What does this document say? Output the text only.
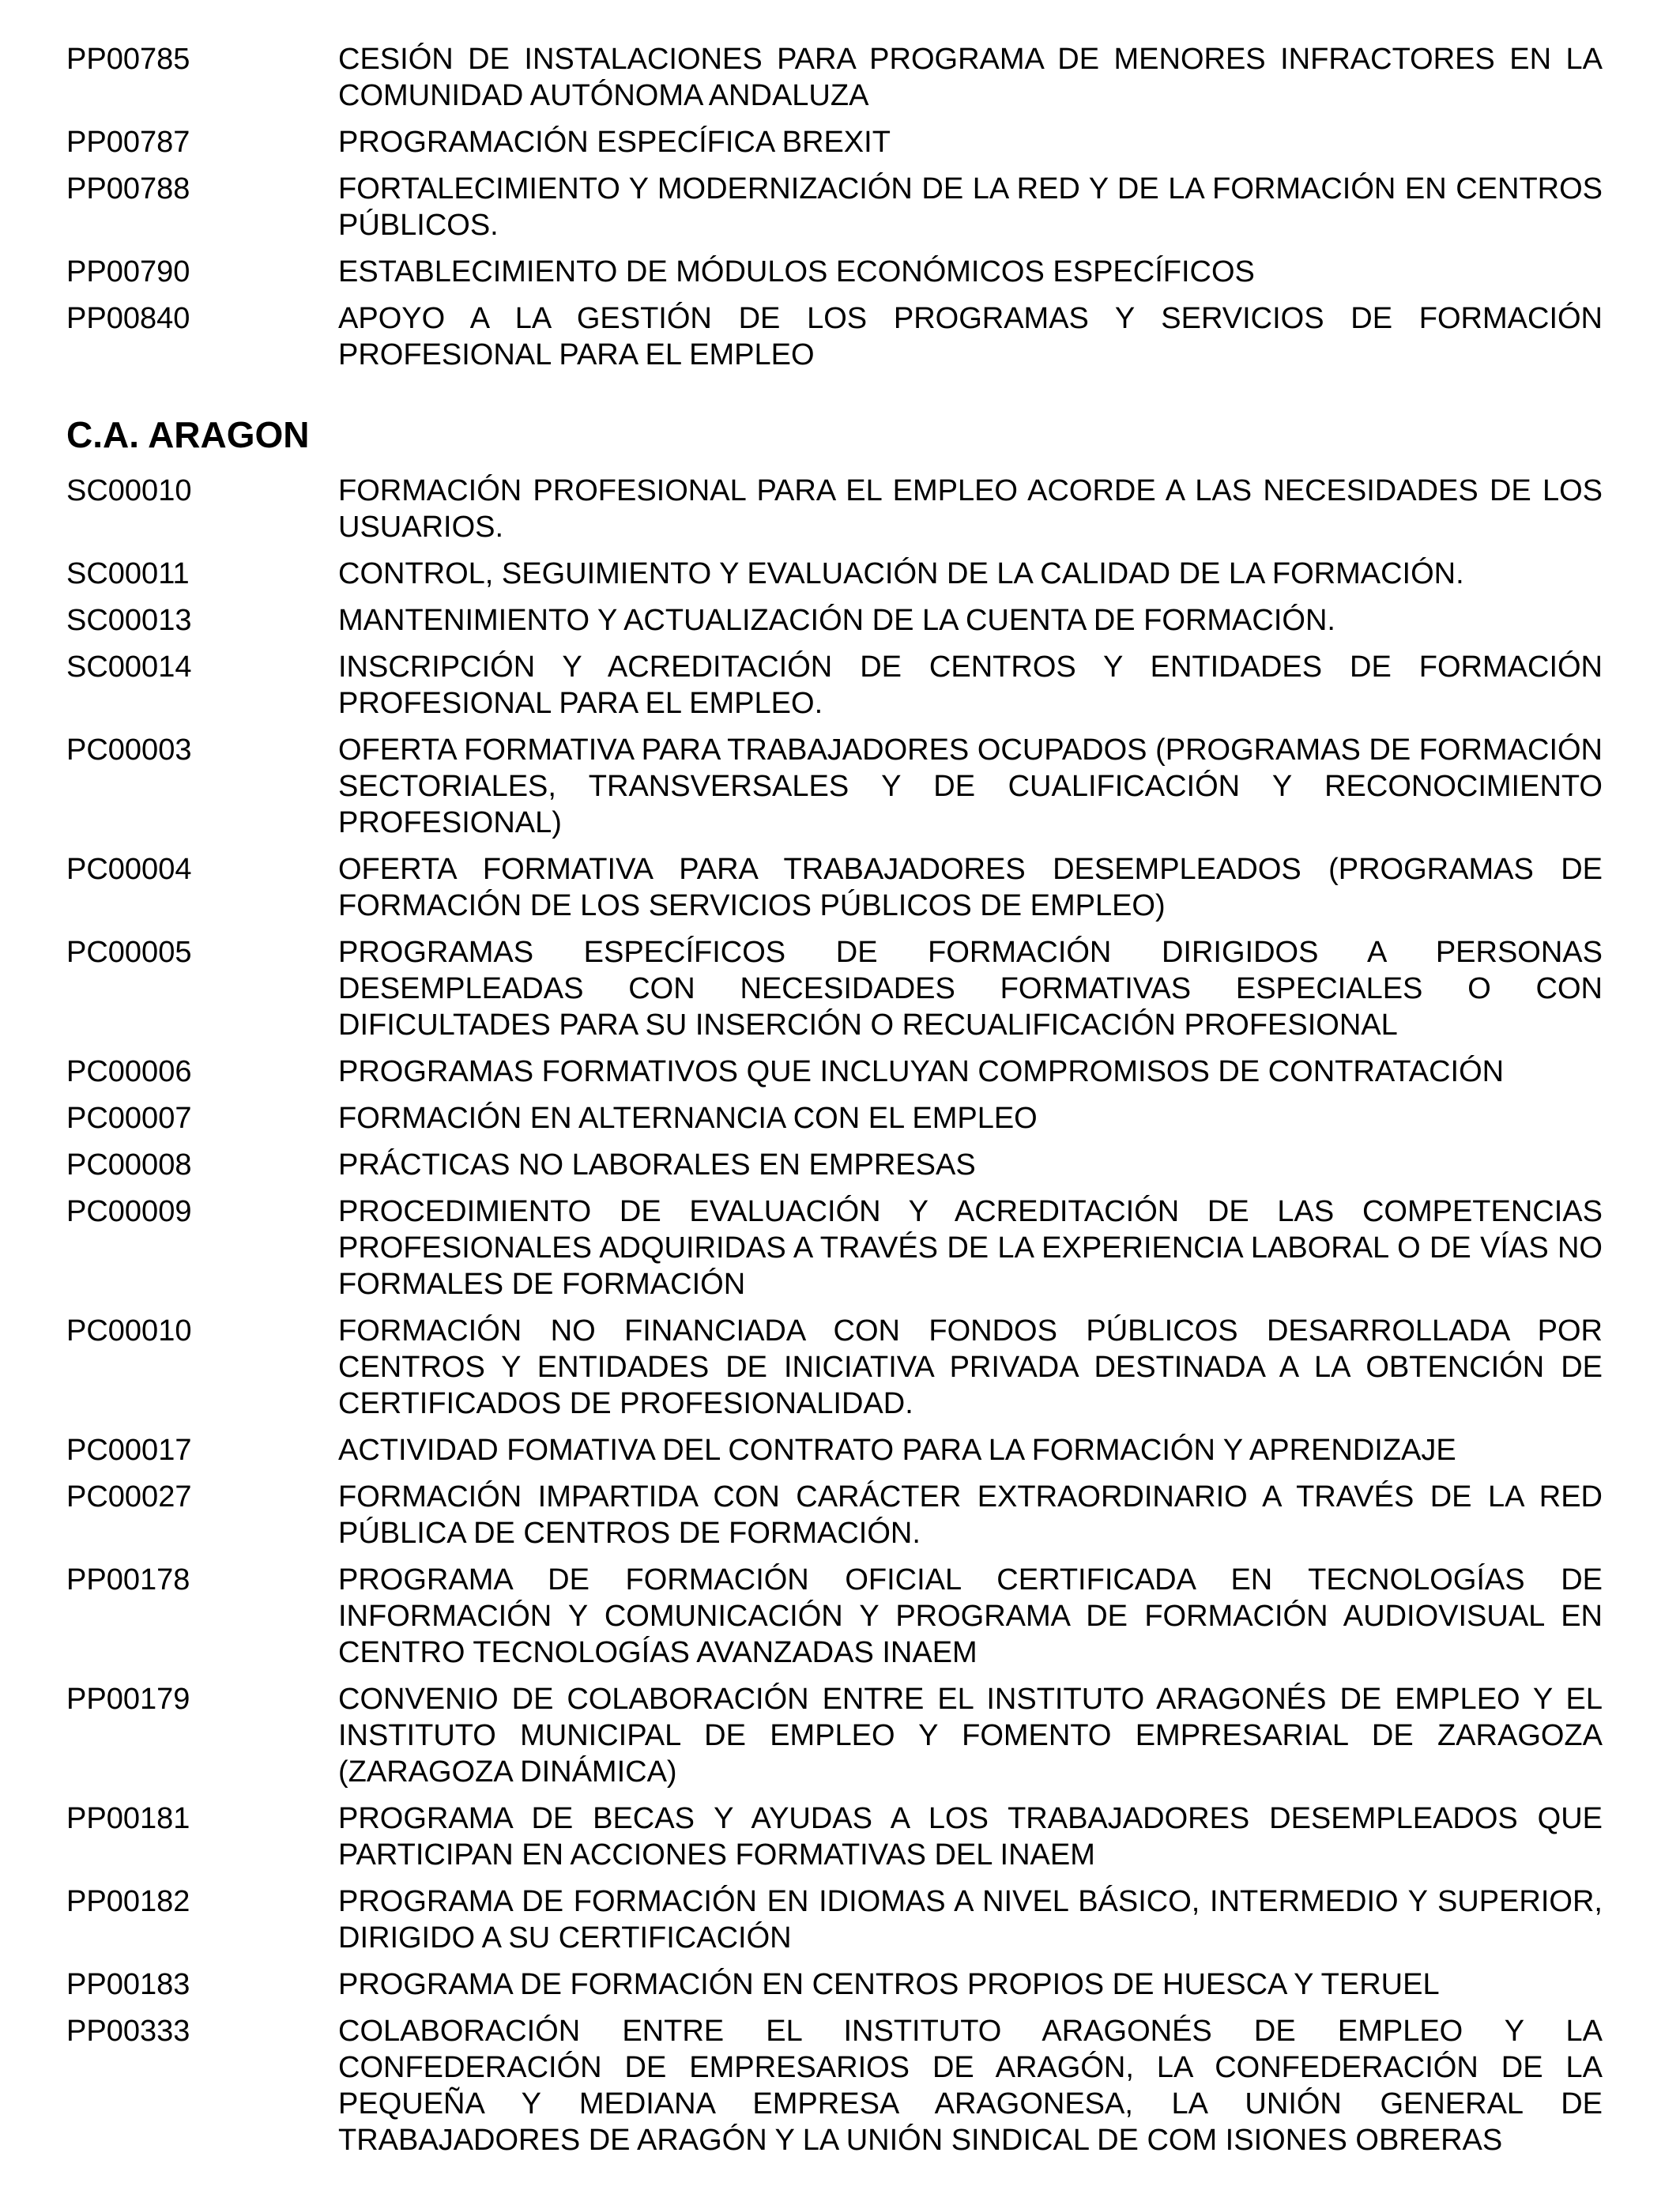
PP00785	CESIÓN DE INSTALACIONES PARA PROGRAMA DE MENORES INFRACTORES EN LA COMUNIDAD AUTÓNOMA ANDALUZA
PP00787	PROGRAMACIÓN ESPECÍFICA BREXIT
PP00788	FORTALECIMIENTO Y MODERNIZACIÓN DE LA RED Y DE LA FORMACIÓN EN CENTROS PÚBLICOS.
PP00790	ESTABLECIMIENTO DE MÓDULOS ECONÓMICOS ESPECÍFICOS
PP00840	APOYO A LA GESTIÓN DE LOS PROGRAMAS Y SERVICIOS DE FORMACIÓN PROFESIONAL PARA EL EMPLEO
C.A. ARAGON
SC00010	FORMACIÓN PROFESIONAL PARA EL EMPLEO ACORDE A LAS NECESIDADES DE LOS USUARIOS.
SC00011	CONTROL, SEGUIMIENTO Y EVALUACIÓN DE LA CALIDAD DE LA FORMACIÓN.
SC00013	MANTENIMIENTO Y ACTUALIZACIÓN DE LA CUENTA DE FORMACIÓN.
SC00014	INSCRIPCIÓN Y ACREDITACIÓN DE CENTROS Y ENTIDADES DE FORMACIÓN PROFESIONAL PARA EL EMPLEO.
PC00003	OFERTA FORMATIVA PARA TRABAJADORES OCUPADOS (PROGRAMAS DE FORMACIÓN SECTORIALES, TRANSVERSALES Y DE CUALIFICACIÓN Y RECONOCIMIENTO PROFESIONAL)
PC00004	OFERTA FORMATIVA PARA TRABAJADORES DESEMPLEADOS (PROGRAMAS DE FORMACIÓN DE LOS SERVICIOS PÚBLICOS DE EMPLEO)
PC00005	PROGRAMAS ESPECÍFICOS DE FORMACIÓN DIRIGIDOS A PERSONAS DESEMPLEADAS CON NECESIDADES FORMATIVAS ESPECIALES O CON DIFICULTADES PARA SU INSERCIÓN O RECUALIFICACIÓN PROFESIONAL
PC00006	PROGRAMAS FORMATIVOS QUE INCLUYAN COMPROMISOS DE CONTRATACIÓN
PC00007	FORMACIÓN EN ALTERNANCIA CON EL EMPLEO
PC00008	PRÁCTICAS NO LABORALES EN EMPRESAS
PC00009	PROCEDIMIENTO DE EVALUACIÓN Y ACREDITACIÓN DE LAS COMPETENCIAS PROFESIONALES ADQUIRIDAS A TRAVÉS DE LA EXPERIENCIA LABORAL O DE VÍAS NO FORMALES DE FORMACIÓN
PC00010	FORMACIÓN NO FINANCIADA CON FONDOS PÚBLICOS DESARROLLADA POR CENTROS Y ENTIDADES DE INICIATIVA PRIVADA DESTINADA A LA OBTENCIÓN DE CERTIFICADOS DE PROFESIONALIDAD.
PC00017	ACTIVIDAD FOMATIVA DEL CONTRATO PARA LA FORMACIÓN Y APRENDIZAJE
PC00027	FORMACIÓN IMPARTIDA CON CARÁCTER EXTRAORDINARIO A TRAVÉS DE LA RED PÚBLICA DE CENTROS DE FORMACIÓN.
PP00178	PROGRAMA DE FORMACIÓN OFICIAL CERTIFICADA EN TECNOLOGÍAS DE INFORMACIÓN Y COMUNICACIÓN Y PROGRAMA DE FORMACIÓN AUDIOVISUAL EN CENTRO TECNOLOGÍAS AVANZADAS INAEM
PP00179	CONVENIO DE COLABORACIÓN ENTRE EL INSTITUTO ARAGONÉS DE EMPLEO Y EL INSTITUTO MUNICIPAL DE EMPLEO Y FOMENTO EMPRESARIAL DE ZARAGOZA (ZARAGOZA DINÁMICA)
PP00181	PROGRAMA DE BECAS Y AYUDAS A LOS TRABAJADORES DESEMPLEADOS QUE PARTICIPAN EN ACCIONES FORMATIVAS DEL INAEM
PP00182	PROGRAMA DE FORMACIÓN EN IDIOMAS A NIVEL BÁSICO, INTERMEDIO Y SUPERIOR, DIRIGIDO A SU CERTIFICACIÓN
PP00183	PROGRAMA DE FORMACIÓN EN CENTROS PROPIOS DE HUESCA Y TERUEL
PP00333	COLABORACIÓN ENTRE EL INSTITUTO ARAGONÉS DE EMPLEO Y LA CONFEDERACIÓN DE EMPRESARIOS DE ARAGÓN, LA CONFEDERACIÓN DE LA PEQUEÑA Y MEDIANA EMPRESA ARAGONESA, LA UNIÓN GENERAL DE TRABAJADORES DE ARAGÓN Y LA UNIÓN SINDICAL DE COM ISIONES OBRERAS
